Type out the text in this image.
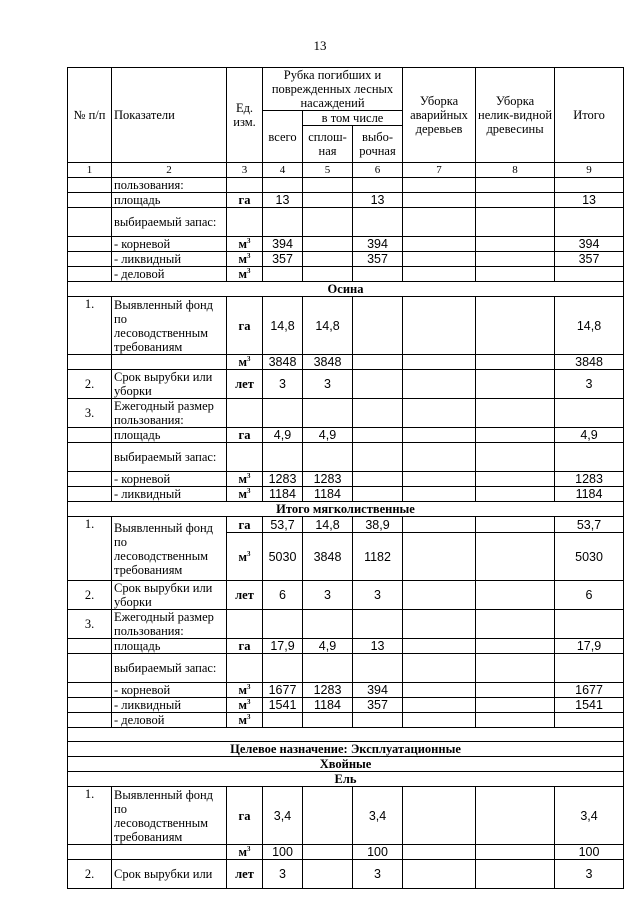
13
№ п/п	Показатели	Ед. изм.	Рубка погибших и поврежденных лесных насаждений			Уборка аварийных деревьев	Уборка нелик-видной древесины	Итого
			всего	в том числе				
				сплош-ная	выбо-рочная			
1	2	3	4	5	6	7	8	9
	пользования:							
	площадь	га	13		13			13
	выбираемый запас:							
	- корневой	$м^3$	394		394			394
	- ликвидный	$м^3$	357		357			357
	- деловой	$м^3$						
Осина								
1.	Выявленный фонд по лесоводственным требованиям	га	14,8	14,8				14,8
		$м^3$	3848	3848				3848
2.	Срок вырубки или уборки	лет	3	3				3
3.	Ежегодный размер пользования:							
	площадь	га	4,9	4,9				4,9
	выбираемый запас:							
	- корневой	$м^3$	1283	1283				1283
	- ликвидный	$м^3$	1184	1184				1184
Итого мягколиственные								
1.	Выявленный фонд по лесоводственным требованиям	га	53,7	14,8	38,9			53,7
		$м^3$	5030	3848	1182			5030
2.	Срок вырубки или уборки	лет	6	3	3			6
3.	Ежегодный размер пользования:							
	площадь	га	17,9	4,9	13			17,9
	выбираемый запас:							
	- корневой	$м^3$	1677	1283	394			1677
	- ликвидный	$м^3$	1541	1184	357			1541
	- деловой	$м^3$						

Целевое назначение: Эксплуатационные								
Хвойные								
Ель								
1.	Выявленный фонд по лесоводственным требованиям	га	3,4		3,4			3,4
		$м^3$	100		100			100
2.	Срок вырубки или	лет	3		3			3
